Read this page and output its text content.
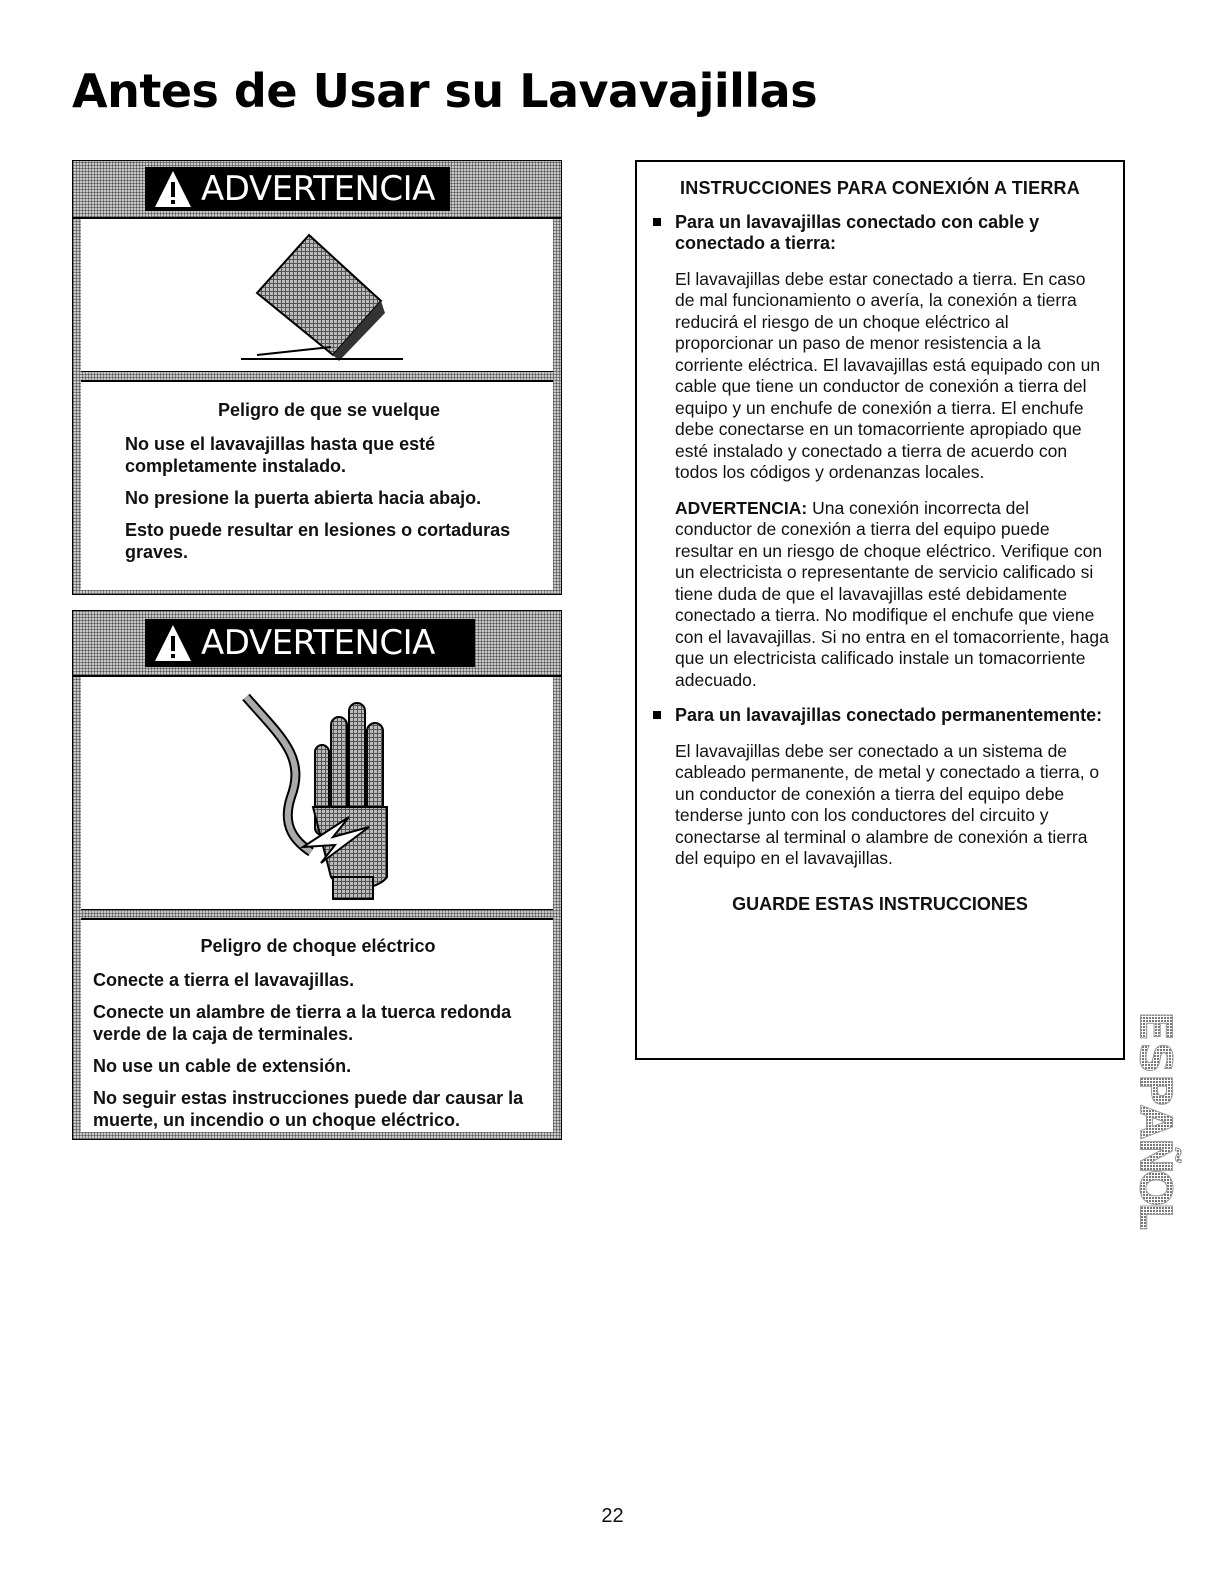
Antes de Usar su Lavavajillas
ADVERTENCIA
Peligro de que se vuelque

No use el lavavajillas hasta que esté completamente instalado.

No presione la puerta abierta hacia abajo.

Esto puede resultar en lesiones o cortaduras graves.

ADVERTENCIA
Peligro de choque eléctrico

Conecte a tierra el lavavajillas.

Conecte un alambre de tierra a la tuerca redonda verde de la caja de terminales.

No use un cable de extensión.

No seguir estas instrucciones puede dar causar la muerte, un incendio o un choque eléctrico.

INSTRUCCIONES PARA CONEXIÓN A TIERRA
Para un lavavajillas conectado con cable y conectado a tierra:
El lavavajillas debe estar conectado a tierra. En caso de mal funcionamiento o avería, la conexión a tierra reducirá el riesgo de un choque eléctrico al proporcionar un paso de menor resistencia a la corriente eléctrica. El lavavajillas está equipado con un cable que tiene un conductor de conexión a tierra del equipo y un enchufe de conexión a tierra. El enchufe debe conectarse en un tomacorriente apropiado que esté instalado y conectado a tierra de acuerdo con todos los códigos y ordenanzas locales.
ADVERTENCIA: Una conexión incorrecta del conductor de conexión a tierra del equipo puede resultar en un riesgo de choque eléctrico. Verifique con un electricista o representante de servicio calificado si tiene duda de que el lavavajillas esté debidamente conectado a tierra. No modifique el enchufe que viene con el lavavajillas. Si no entra en el tomacorriente, haga que un electricista calificado instale un tomacorriente adecuado.
Para un lavavajillas conectado permanentemente:
El lavavajillas debe ser conectado a un sistema de cableado permanente, de metal y conectado a tierra, o un conductor de conexión a tierra del equipo debe tenderse junto con los conductores del circuito y conectarse al terminal o alambre de conexión a tierra del equipo en el lavavajillas.
GUARDE ESTAS INSTRUCCIONES
E
S
P
A
Ñ
O
L
22
